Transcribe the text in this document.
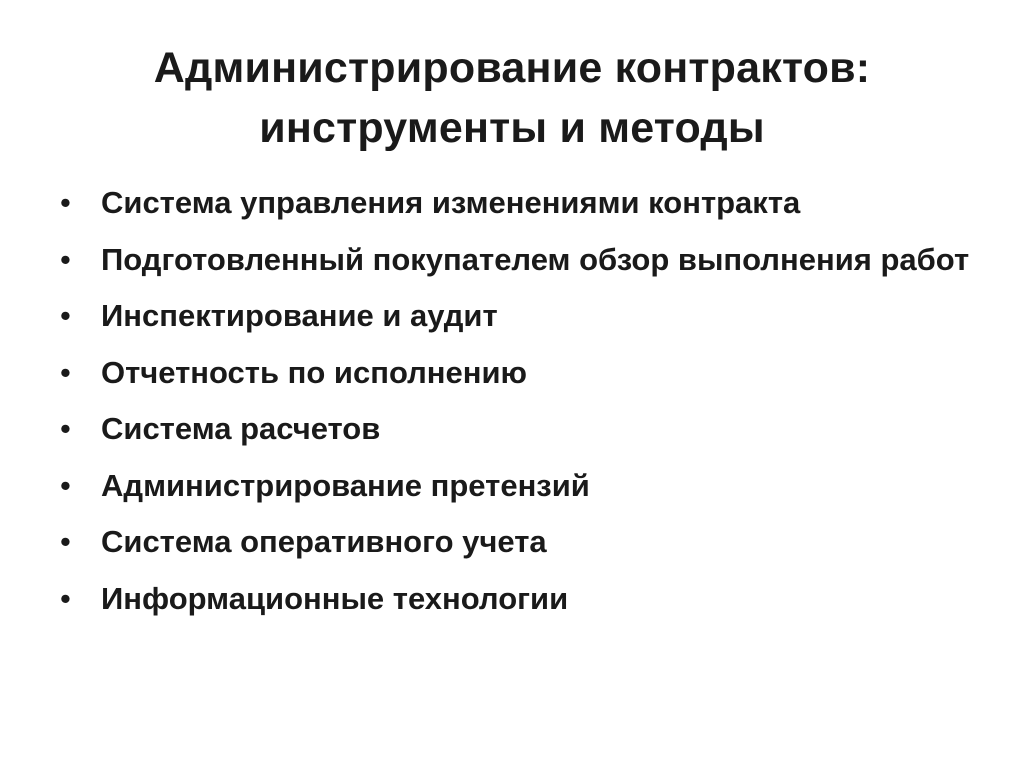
Администрирование контрактов:
инструменты и методы
• Система управления изменениями контракта
• Подготовленный покупателем обзор выполнения работ
• Инспектирование и аудит
• Отчетность по исполнению
• Система расчетов
• Администрирование претензий
• Система оперативного учета
• Информационные технологии
